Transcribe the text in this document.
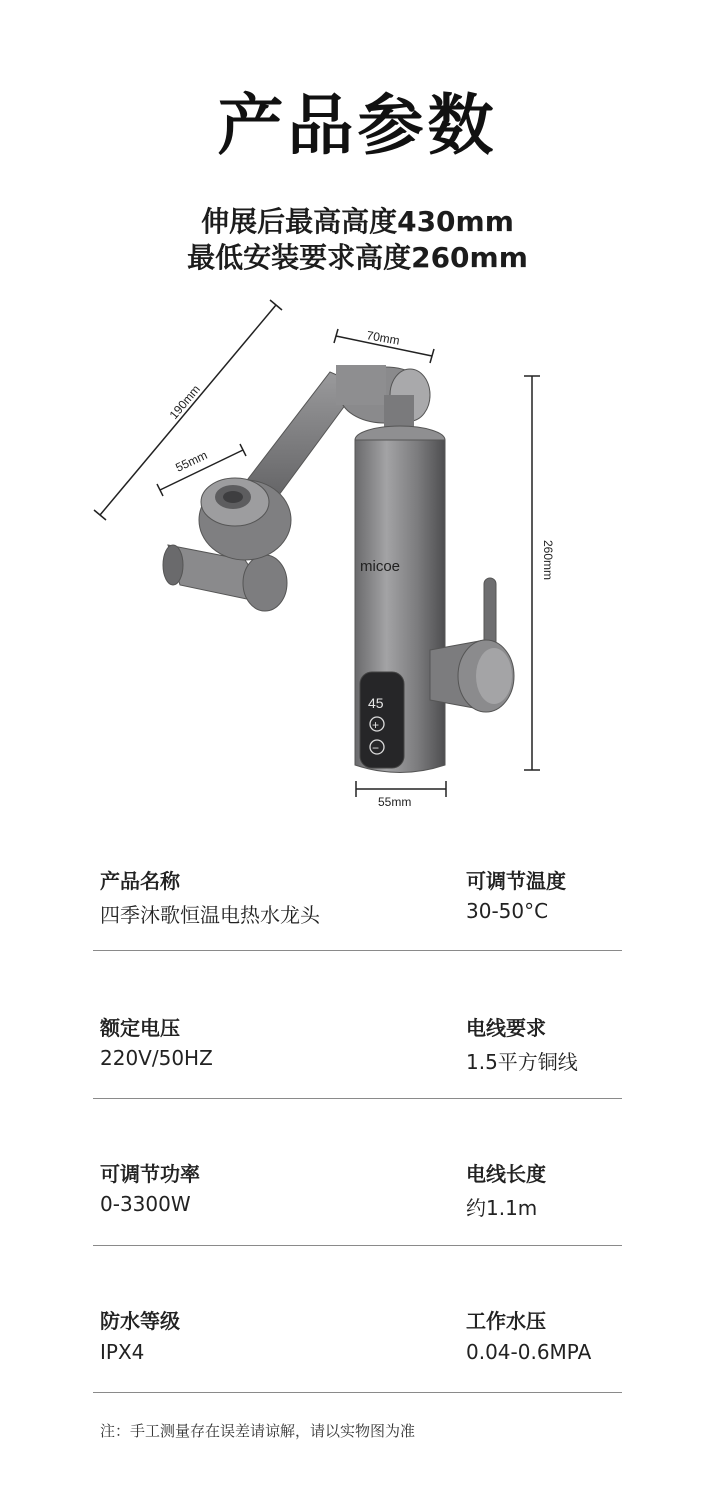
产品参数
伸展后最高高度430mm
最低安装要求高度260mm
190mm
55mm
70mm
260mm
55mm
micoe
45
+
−
产品名称
四季沐歌恒温电热水龙头
可调节温度
30-50°C
额定电压
220V/50HZ
电线要求
1.5平方铜线
可调节功率
0-3300W
电线长度
约1.1m
防水等级
IPX4
工作水压
0.04-0.6MPA
注：手工测量存在误差请谅解，请以实物图为准
